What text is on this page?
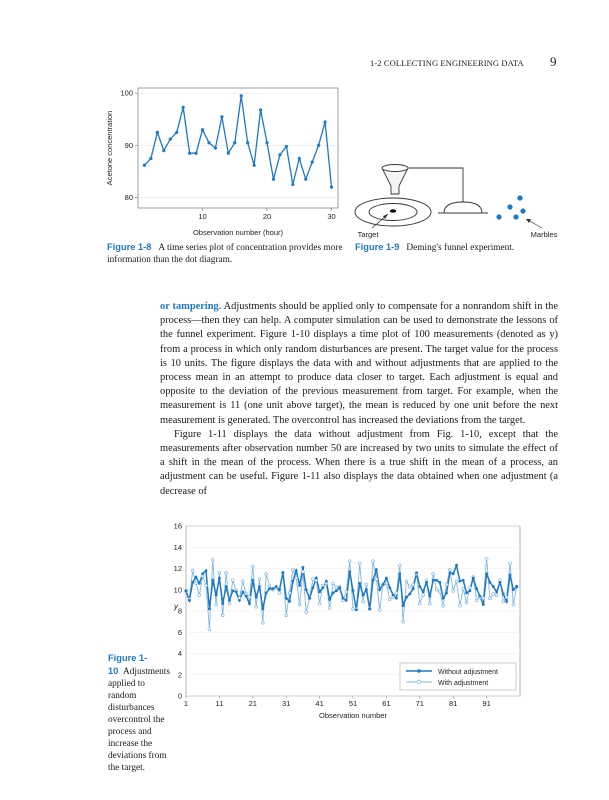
1-2 COLLECTING ENGINEERING DATA 9
80
90
100
10	20	30
Observation number (hour)
Acetone concentration
Target	Marbles
Figure 1-8 A time series plot of concentration provides more information than the dot diagram.
Figure 1-9 Deming's funnel experiment.

or tampering. Adjustments should be applied only to compensate for a nonrandom shift in the process—then they can help. A computer simulation can be used to demonstrate the lessons of the funnel experiment. Figure 1-10 displays a time plot of 100 measurements (denoted as y) from a process in which only random disturbances are present. The target value for the process is 10 units. The figure displays the data with and without adjustments that are applied to the process mean in an attempt to produce data closer to target. Each adjustment is equal and opposite to the deviation of the previous measurement from target. For example, when the measurement is 11 (one unit above target), the mean is reduced by one unit before the next measurement is generated. The overcontrol has increased the deviations from the target.

Figure 1-11 displays the data without adjustment from Fig. 1-10, except that the measurements after observation number 50 are increased by two units to simulate the effect of a shift in the mean of the process. When there is a true shift in the mean of a process, an adjustment can be useful. Figure 1-11 also displays the data obtained when one adjustment (a decrease of

0
2
4
6
8
10
12
14
16
1	11	21	31	41	51	61	71	81	91
y
Observation number
Without adjustment
With adjustment
Figure 1-10 Adjustments applied to random disturbances overcontrol the process and increase the deviations from the target.
